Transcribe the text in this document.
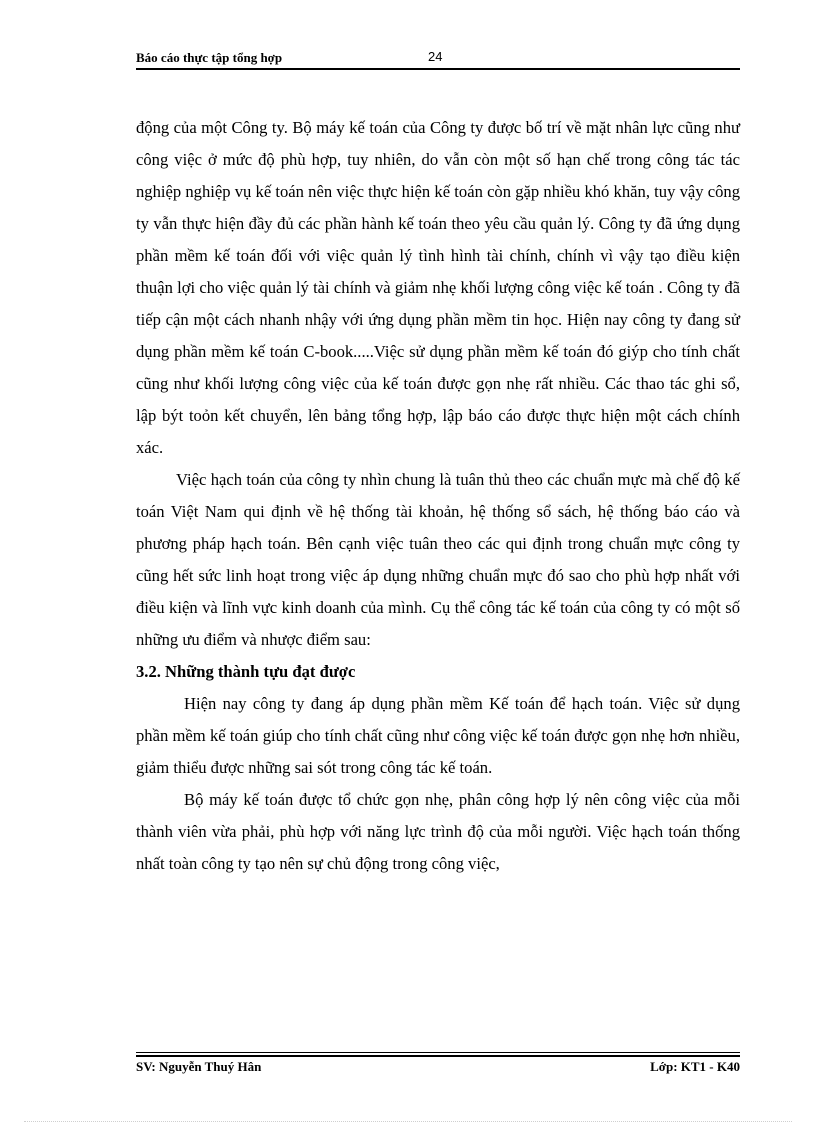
Báo cáo thực tập tổng hợp	24

động của một Công ty. Bộ máy kế toán của Công ty được bố trí về mặt nhân lực cũng như công việc ở mức độ phù hợp, tuy nhiên, do vẫn còn một số hạn chế trong công tác tác nghiệp nghiệp vụ kế toán nên việc thực hiện kế toán còn gặp nhiều khó khăn, tuy vậy công ty vẫn thực hiện đầy đủ các phần hành kế toán theo yêu cầu quản lý. Công ty đã ứng dụng phần mềm kế toán đối với việc quản lý tình hình tài chính, chính vì vậy tạo điều kiện thuận lợi cho việc quản lý tài chính và giảm nhẹ khối lượng công việc kế toán . Công ty đã tiếp cận một cách nhanh nhậy với ứng dụng phần mềm tin học. Hiện nay công ty đang sử dụng phần mềm kế toán C-book.....Việc sử dụng phần mềm kế toán đó giýp cho tính chất cũng như khối lượng công việc của kế toán được gọn nhẹ rất nhiều. Các thao tác ghi sổ, lập být toỏn kết chuyển, lên bảng tổng hợp, lập báo cáo được thực hiện một cách chính xác.

Việc hạch toán của công ty nhìn chung là tuân thủ theo các chuẩn mực mà chế độ kế toán Việt Nam qui định về hệ thống tài khoản, hệ thống sổ sách, hệ thống báo cáo và phương pháp hạch toán. Bên cạnh việc tuân theo các qui định trong chuẩn mực công ty cũng hết sức linh hoạt trong việc áp dụng những chuẩn mực đó sao cho phù hợp nhất với điều kiện và lĩnh vực kinh doanh của mình. Cụ thể công tác kế toán của công ty có một số những ưu điểm và nhược điểm sau:

3.2. Những thành tựu đạt được

Hiện nay công ty đang áp dụng phần mềm Kế toán để hạch toán. Việc sử dụng phần mềm kế toán giúp cho tính chất cũng như công việc kế toán được gọn nhẹ hơn nhiều, giảm thiểu được những sai sót trong công tác kế toán.

Bộ máy kế toán được tổ chức gọn nhẹ, phân công hợp lý nên công việc của mỗi thành viên vừa phải, phù hợp với năng lực trình độ của mỗi người. Việc hạch toán thống nhất toàn công ty tạo nên sự chủ động trong công việc,

SV: Nguyễn Thuý Hân	Lớp: KT1 - K40
